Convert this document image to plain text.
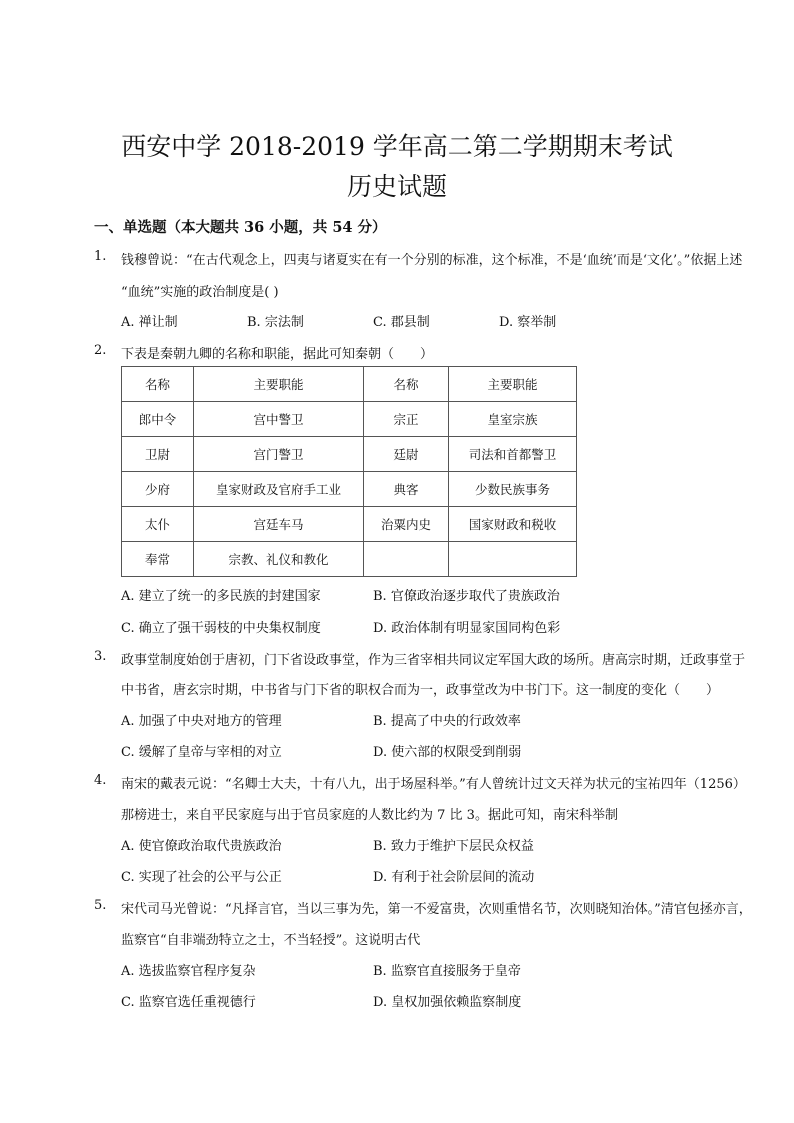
西安中学 2018-2019 学年高二第二学期期末考试
历史试题
一、单选题（本大题共 36 小题，共 54 分）
1. 钱穆曾说：“在古代观念上，四夷与诸夏实在有一个分别的标准，这个标准，不是‘血统’而是‘文化’。”依据上述
“血统”实施的政治制度是( )
A. 禅让制	B. 宗法制	C. 郡县制	D. 察举制
2. 下表是秦朝九卿的名称和职能，据此可知秦朝（　　）
名称	主要职能	名称	主要职能
郎中令	宫中警卫	宗正	皇室宗族
卫尉	宫门警卫	廷尉	司法和首都警卫
少府	皇家财政及官府手工业	典客	少数民族事务
太仆	宫廷车马	治粟内史	国家财政和税收
奉常	宗教、礼仪和教化		
A. 建立了统一的多民族的封建国家	B. 官僚政治逐步取代了贵族政治
C. 确立了强干弱枝的中央集权制度	D. 政治体制有明显家国同构色彩
3. 政事堂制度始创于唐初，门下省设政事堂，作为三省宰相共同议定军国大政的场所。唐高宗时期，迁政事堂于
中书省，唐玄宗时期，中书省与门下省的职权合而为一，政事堂改为中书门下。这一制度的变化（　　）
A. 加强了中央对地方的管理	B. 提高了中央的行政效率
C. 缓解了皇帝与宰相的对立	D. 使六部的权限受到削弱
4. 南宋的戴表元说：“名卿士大夫，十有八九，出于场屋科举。”有人曾统计过文天祥为状元的宝祐四年（1256）
那榜进士，来自平民家庭与出于官员家庭的人数比约为 7 比 3。据此可知，南宋科举制
A. 使官僚政治取代贵族政治	B. 致力于维护下层民众权益
C. 实现了社会的公平与公正	D. 有利于社会阶层间的流动
5. 宋代司马光曾说：“凡择言官，当以三事为先，第一不爱富贵，次则重惜名节，次则晓知治体。”清官包拯亦言，
监察官“自非端劲特立之士，不当轻授”。这说明古代
A. 选拔监察官程序复杂	B. 监察官直接服务于皇帝
C. 监察官选任重视德行	D. 皇权加强依赖监察制度
